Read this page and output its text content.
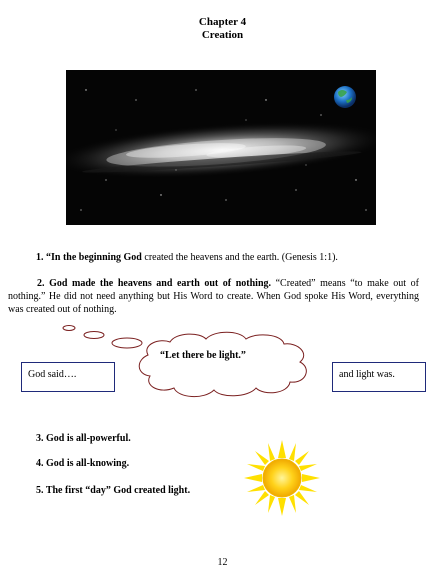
Chapter 4
Creation
1. “In the beginning God created the heavens and the earth. (Genesis 1:1).
2. God made the heavens and earth out of nothing. “Created” means “to make out of nothing.” He did not need anything but His Word to create. When God spoke His Word, everything was created out of nothing.
“Let there be light.”
God said….	and light was.
3. God is all-powerful.
4. God is all-knowing.
5. The first “day” God created light.
12
